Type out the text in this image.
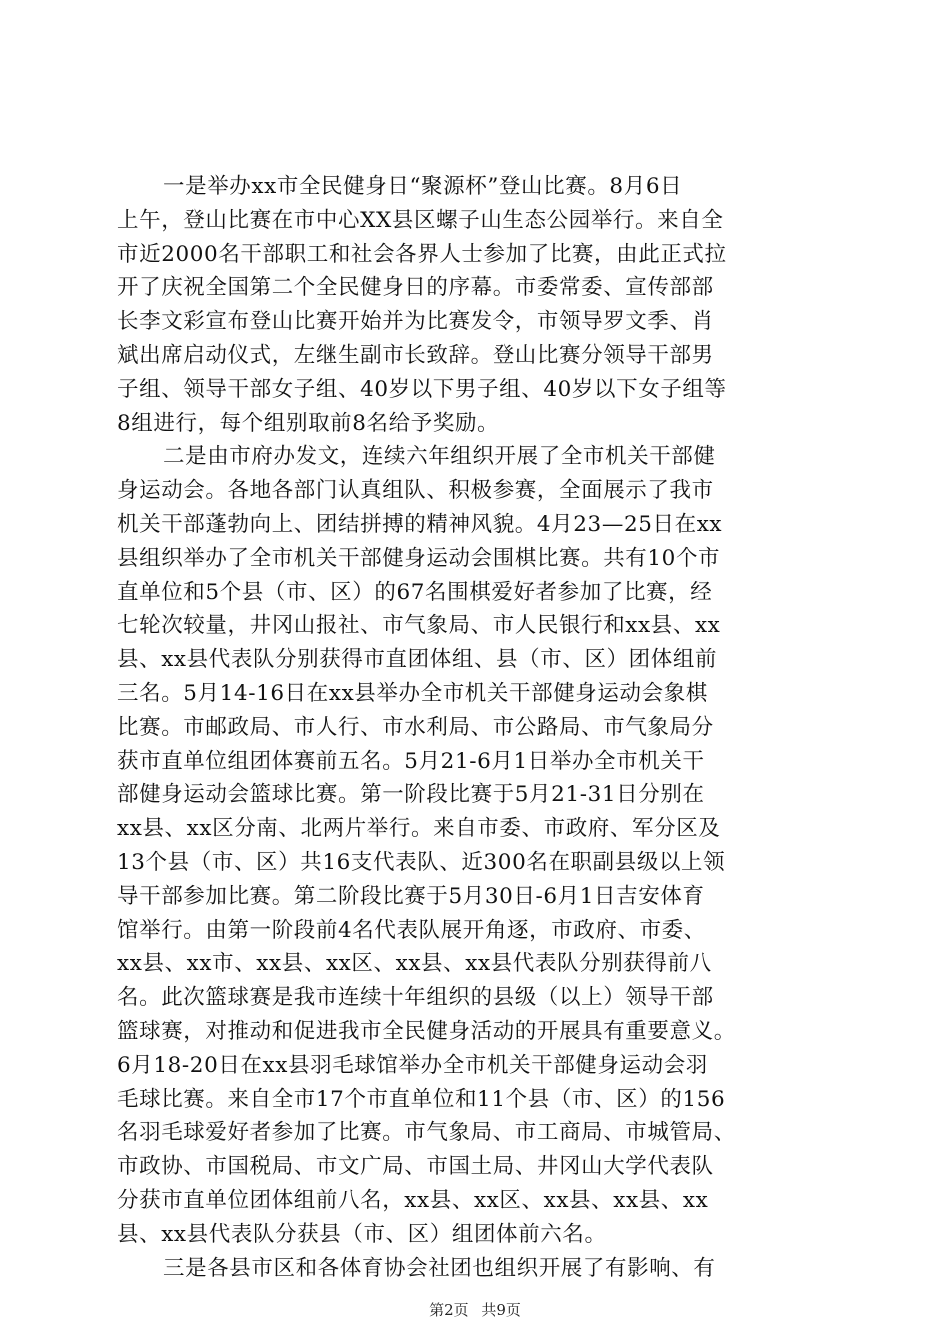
一是举办xx市全民健身日“聚源杯”登山比赛。8月6日
上午，登山比赛在市中心XX县区螺子山生态公园举行。来自全
市近2000名干部职工和社会各界人士参加了比赛，由此正式拉
开了庆祝全国第二个全民健身日的序幕。市委常委、宣传部部
长李文彩宣布登山比赛开始并为比赛发令，市领导罗文季、肖
斌出席启动仪式，左继生副市长致辞。登山比赛分领导干部男
子组、领导干部女子组、40岁以下男子组、40岁以下女子组等
8组进行，每个组别取前8名给予奖励。
二是由市府办发文，连续六年组织开展了全市机关干部健
身运动会。各地各部门认真组队、积极参赛，全面展示了我市
机关干部蓬勃向上、团结拼搏的精神风貌。4月23—25日在xx
县组织举办了全市机关干部健身运动会围棋比赛。共有10个市
直单位和5个县（市、区）的67名围棋爱好者参加了比赛，经
七轮次较量，井冈山报社、市气象局、市人民银行和xx县、xx
县、xx县代表队分别获得市直团体组、县（市、区）团体组前
三名。5月14-16日在xx县举办全市机关干部健身运动会象棋
比赛。市邮政局、市人行、市水利局、市公路局、市气象局分
获市直单位组团体赛前五名。5月21-6月1日举办全市机关干
部健身运动会篮球比赛。第一阶段比赛于5月21-31日分别在
xx县、xx区分南、北两片举行。来自市委、市政府、军分区及
13个县（市、区）共16支代表队、近300名在职副县级以上领
导干部参加比赛。第二阶段比赛于5月30日-6月1日吉安体育
馆举行。由第一阶段前4名代表队展开角逐，市政府、市委、
xx县、xx市、xx县、xx区、xx县、xx县代表队分别获得前八
名。此次篮球赛是我市连续十年组织的县级（以上）领导干部
篮球赛，对推动和促进我市全民健身活动的开展具有重要意义。
6月18-20日在xx县羽毛球馆举办全市机关干部健身运动会羽
毛球比赛。来自全市17个市直单位和11个县（市、区）的156
名羽毛球爱好者参加了比赛。市气象局、市工商局、市城管局、
市政协、市国税局、市文广局、市国土局、井冈山大学代表队
分获市直单位团体组前八名，xx县、xx区、xx县、xx县、xx
县、xx县代表队分获县（市、区）组团体前六名。
三是各县市区和各体育协会社团也组织开展了有影响、有
第2页 共9页
